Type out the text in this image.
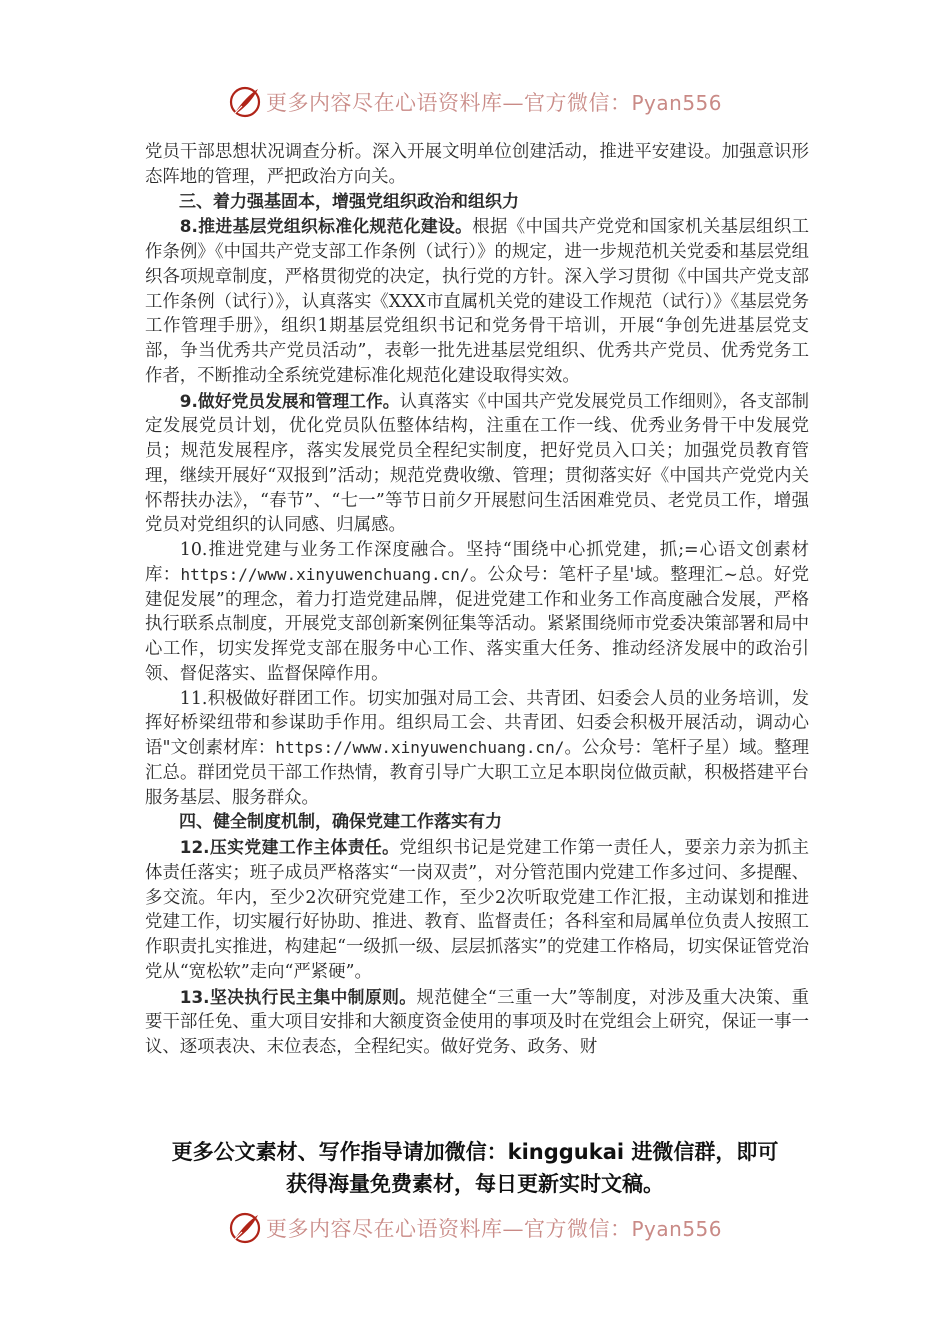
更多内容尽在心语资料库—官方微信：Pyan556

党员干部思想状况调查分析。深入开展文明单位创建活动，推进平安建设。加强意识形态阵地的管理，严把政治方向关。

三、着力强基固本，增强党组织政治和组织力

8.推进基层党组织标准化规范化建设。根据《中国共产党党和国家机关基层组织工作条例》《中国共产党支部工作条例（试行）》的规定，进一步规范机关党委和基层党组织各项规章制度，严格贯彻党的决定，执行党的方针。深入学习贯彻《中国共产党支部工作条例（试行）》，认真落实《XXX市直属机关党的建设工作规范（试行）》《基层党务工作管理手册》，组织1期基层党组织书记和党务骨干培训，开展“争创先进基层党支部，争当优秀共产党员活动”，表彰一批先进基层党组织、优秀共产党员、优秀党务工作者，不断推动全系统党建标准化规范化建设取得实效。

9.做好党员发展和管理工作。认真落实《中国共产党发展党员工作细则》，各支部制定发展党员计划，优化党员队伍整体结构，注重在工作一线、优秀业务骨干中发展党员；规范发展程序，落实发展党员全程纪实制度，把好党员入口关；加强党员教育管理，继续开展好“双报到”活动；规范党费收缴、管理；贯彻落实好《中国共产党党内关怀帮扶办法》，“春节”、“七一”等节日前夕开展慰问生活困难党员、老党员工作，增强党员对党组织的认同感、归属感。

10.推进党建与业务工作深度融合。坚持“围绕中心抓党建，抓;=心语文创素材库：https://www.xinyuwenchuang.cn/。公众号：笔杆子星'域。整理汇~总。好党建促发展”的理念，着力打造党建品牌，促进党建工作和业务工作高度融合发展，严格执行联系点制度，开展党支部创新案例征集等活动。紧紧围绕师市党委决策部署和局中心工作，切实发挥党支部在服务中心工作、落实重大任务、推动经济发展中的政治引领、督促落实、监督保障作用。

11.积极做好群团工作。切实加强对局工会、共青团、妇委会人员的业务培训，发挥好桥梁纽带和参谋助手作用。组织局工会、共青团、妇委会积极开展活动，调动心语"文创素材库：https://www.xinyuwenchuang.cn/。公众号：笔杆子星）域。整理汇总。群团党员干部工作热情，教育引导广大职工立足本职岗位做贡献，积极搭建平台服务基层、服务群众。

四、健全制度机制，确保党建工作落实有力

12.压实党建工作主体责任。党组织书记是党建工作第一责任人，要亲力亲为抓主体责任落实；班子成员严格落实“一岗双责”，对分管范围内党建工作多过问、多提醒、多交流。年内，至少2次研究党建工作，至少2次听取党建工作汇报，主动谋划和推进党建工作，切实履行好协助、推进、教育、监督责任；各科室和局属单位负责人按照工作职责扎实推进，构建起“一级抓一级、层层抓落实”的党建工作格局，切实保证管党治党从“宽松软”走向“严紧硬”。

13.坚决执行民主集中制原则。规范健全“三重一大”等制度，对涉及重大决策、重要干部任免、重大项目安排和大额度资金使用的事项及时在党组会上研究，保证一事一议、逐项表决、末位表态，全程纪实。做好党务、政务、财

更多公文素材、写作指导请加微信：kinggukai 进微信群，即可
获得海量免费素材，每日更新实时文稿。
更多内容尽在心语资料库—官方微信：Pyan556
